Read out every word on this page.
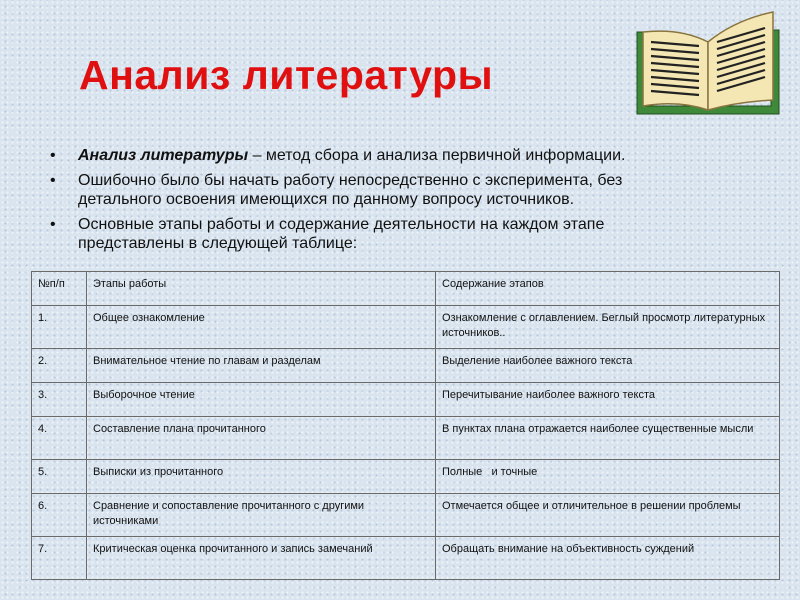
Анализ литературы
• Анализ литературы – метод сбора и анализа первичной информации.
• Ошибочно было бы начать работу непосредственно с эксперимента, без детального освоения имеющихся по данному вопросу источников.
• Основные этапы работы и содержание деятельности на каждом этапе представлены в следующей таблице:
№п/п	Этапы работы	Содержание этапов
1.	Общее ознакомление	Ознакомление с оглавлением. Беглый просмотр литературных источников..
2.	Внимательное чтение по главам и разделам	Выделение наиболее важного текста
3.	Выборочное чтение	Перечитывание наиболее важного текста
4.	Составление плана прочитанного	В пунктах плана отражается наиболее существенные мысли
5.	Выписки из прочитанного	Полные   и точные
6.	Сравнение и сопоставление прочитанного с другими источниками	Отмечается общее и отличительное в решении проблемы
7.	Критическая оценка прочитанного и запись замечаний	Обращать внимание на объективность суждений
